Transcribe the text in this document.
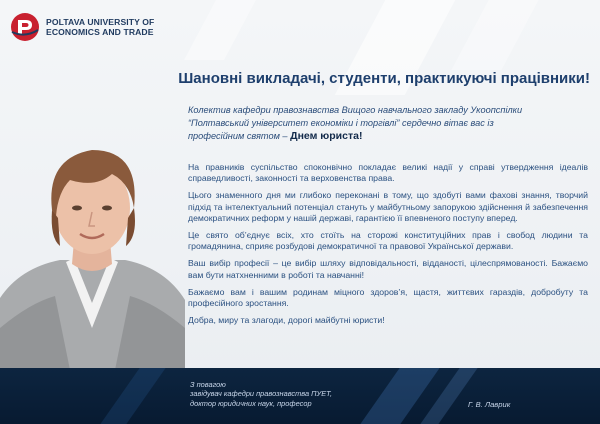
POLTAVA UNIVERSITY OF
ECONOMICS AND TRADE
Шановні викладачі, студенти, практикуючі працівники!
Колектив кафедри правознавства Вищого навчального закладу Укоопспілки
“Полтавський університет економіки і торгівлі” сердечно вітає вас із
професійним святом – Днем юриста!

На правників суспільство споконвічно покладає великі надії у справі утвердження ідеалів справедливості, законності та верховенства права.

Цього знаменного дня ми глибоко переконані в тому, що здобуті вами фахові знання, творчий підхід та інтелектуальний потенціал стануть у майбутньому запорукою здійснення й забезпечення демократичних реформ у нашій державі, гарантією її впевненого поступу вперед.

Це свято об’єднує всіх, хто стоїть на сторожі конституційних прав і свобод людини та громадянина, сприяє розбудові демократичної та правової Української держави.

Ваш вибір професії – це вибір шляху відповідальності, відданості, цілеспрямованості. Бажаємо вам бути натхненними в роботі та навчанні!

Бажаємо вам і вашим родинам міцного здоров’я, щастя, життєвих гараздів, добробуту та професійного зростання.

Добра, миру та злагоди, дорогі майбутні юристи!

З повагою
завідувач кафедри правознавства ПУЕТ,
доктор юридичних наук, професор	Г. В. Лаврик
